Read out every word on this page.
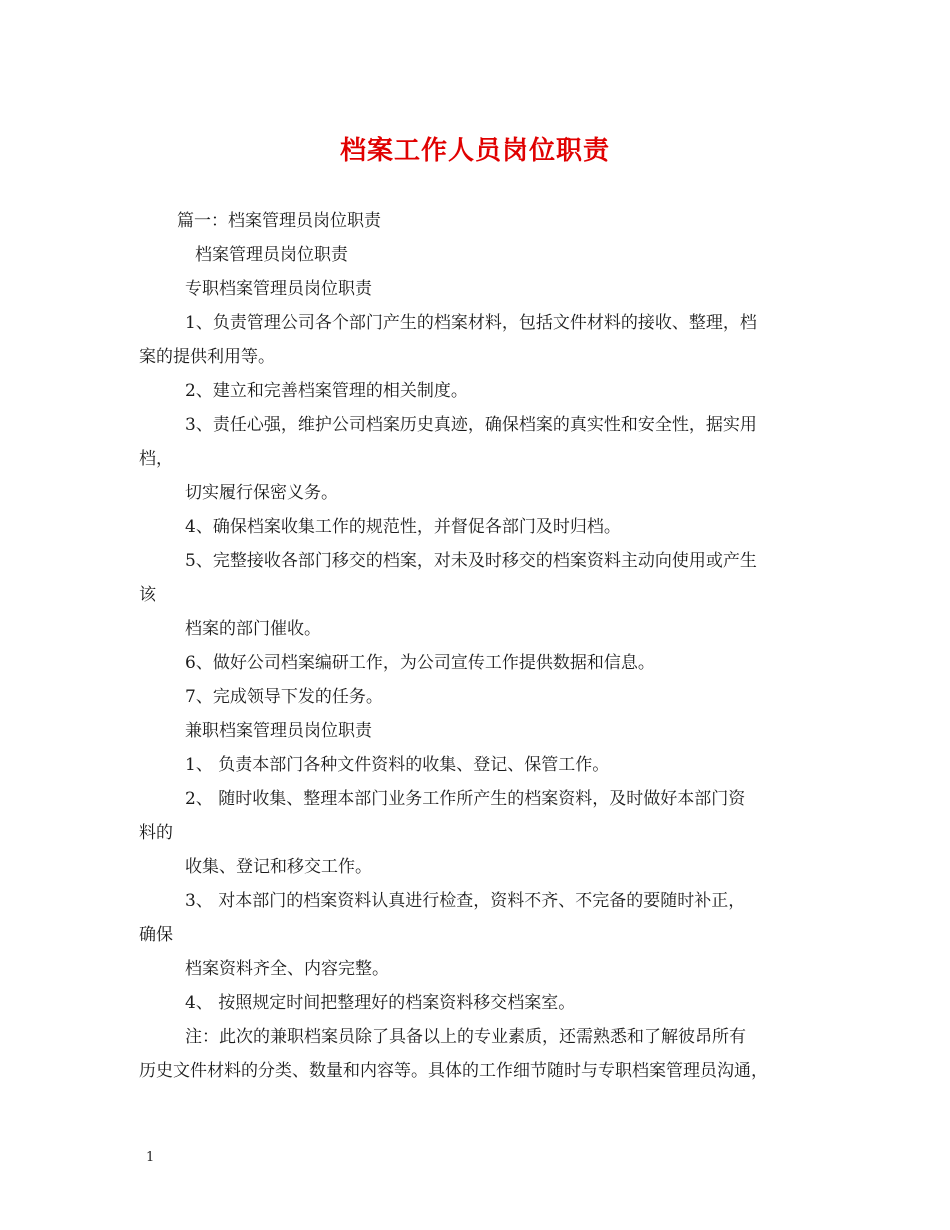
档案工作人员岗位职责
篇一：档案管理员岗位职责
档案管理员岗位职责
专职档案管理员岗位职责
1、负责管理公司各个部门产生的档案材料，包括文件材料的接收、整理，档
案的提供利用等。
2、建立和完善档案管理的相关制度。
3、责任心强，维护公司档案历史真迹，确保档案的真实性和安全性，据实用
档，
切实履行保密义务。
4、确保档案收集工作的规范性，并督促各部门及时归档。
5、完整接收各部门移交的档案，对未及时移交的档案资料主动向使用或产生
该
档案的部门催收。
6、做好公司档案编研工作，为公司宣传工作提供数据和信息。
7、完成领导下发的任务。
兼职档案管理员岗位职责
1、 负责本部门各种文件资料的收集、登记、保管工作。
2、 随时收集、整理本部门业务工作所产生的档案资料，及时做好本部门资
料的
收集、登记和移交工作。
3、 对本部门的档案资料认真进行检查，资料不齐、不完备的要随时补正，
确保
档案资料齐全、内容完整。
4、 按照规定时间把整理好的档案资料移交档案室。
注：此次的兼职档案员除了具备以上的专业素质，还需熟悉和了解彼昂所有
历史文件材料的分类、数量和内容等。具体的工作细节随时与专职档案管理员沟通，
1
